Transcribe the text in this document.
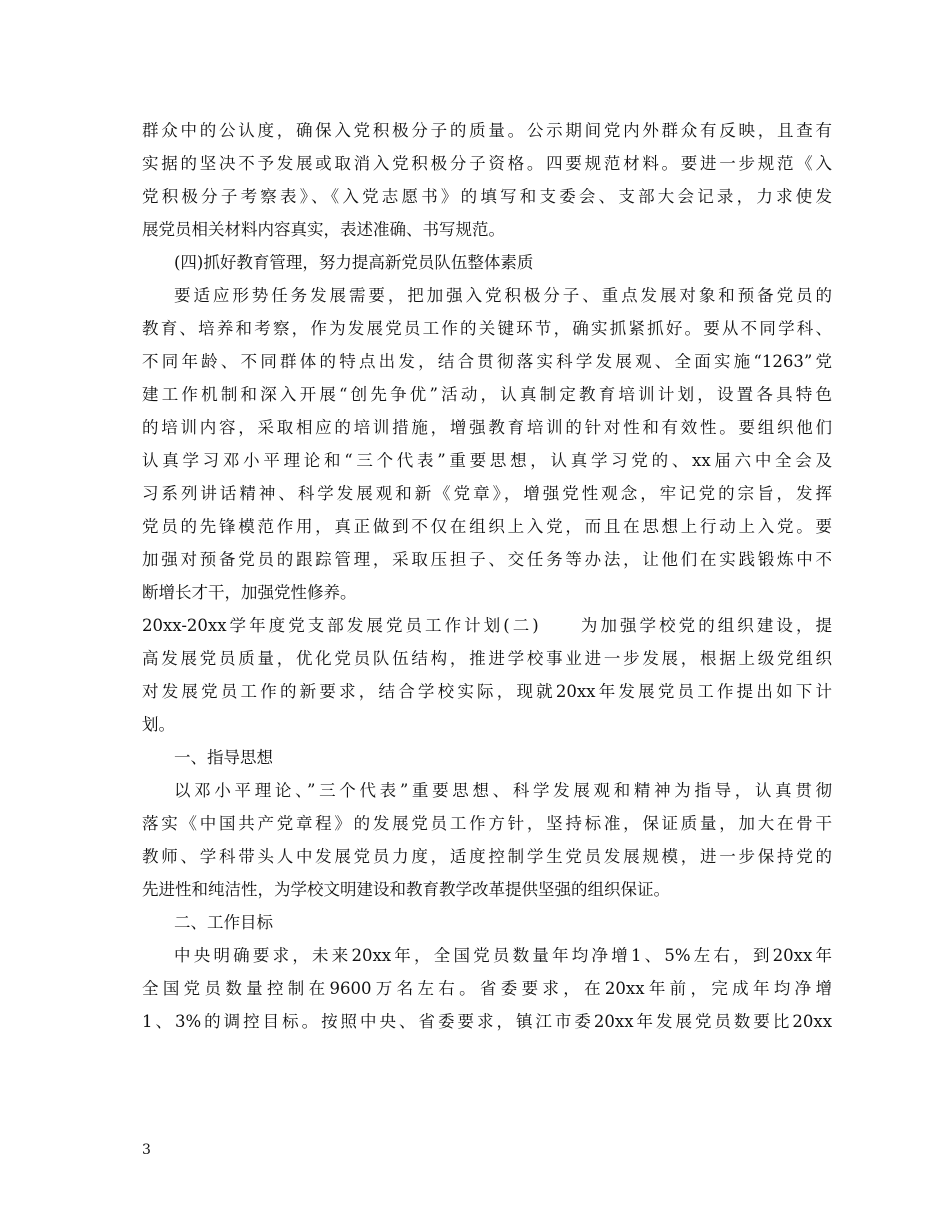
群众中的公认度，确保入党积极分子的质量。公示期间党内外群众有反映，且查有
实据的坚决不予发展或取消入党积极分子资格。四要规范材料。要进一步规范《入
党积极分子考察表》、《入党志愿书》的填写和支委会、支部大会记录，力求使发
展党员相关材料内容真实，表述准确、书写规范。
(四)抓好教育管理，努力提高新党员队伍整体素质
要适应形势任务发展需要，把加强入党积极分子、重点发展对象和预备党员的
教育、培养和考察，作为发展党员工作的关键环节，确实抓紧抓好。要从不同学科、
不同年龄、不同群体的特点出发，结合贯彻落实科学发展观、全面实施“1263”党
建工作机制和深入开展“创先争优”活动，认真制定教育培训计划，设置各具特色
的培训内容，采取相应的培训措施，增强教育培训的针对性和有效性。要组织他们
认真学习邓小平理论和“三个代表”重要思想，认真学习党的、xx届六中全会及
习系列讲话精神、科学发展观和新《党章》，增强党性观念，牢记党的宗旨，发挥
党员的先锋模范作用，真正做到不仅在组织上入党，而且在思想上行动上入党。要
加强对预备党员的跟踪管理，采取压担子、交任务等办法，让他们在实践锻炼中不
断增长才干，加强党性修养。
20xx-20xx学年度党支部发展党员工作计划(二)　　为加强学校党的组织建设，提
高发展党员质量，优化党员队伍结构，推进学校事业进一步发展，根据上级党组织
对发展党员工作的新要求，结合学校实际，现就20xx年发展党员工作提出如下计
划。
一、指导思想
以邓小平理论、”三个代表”重要思想、科学发展观和精神为指导，认真贯彻
落实《中国共产党章程》的发展党员工作方针，坚持标准，保证质量，加大在骨干
教师、学科带头人中发展党员力度，适度控制学生党员发展规模，进一步保持党的
先进性和纯洁性，为学校文明建设和教育教学改革提供坚强的组织保证。
二、工作目标
中央明确要求，未来20xx年，全国党员数量年均净增1、5%左右，到20xx年
全国党员数量控制在9600万名左右。省委要求，在20xx年前，完成年均净增
1、3%的调控目标。按照中央、省委要求，镇江市委20xx年发展党员数要比20xx
3
